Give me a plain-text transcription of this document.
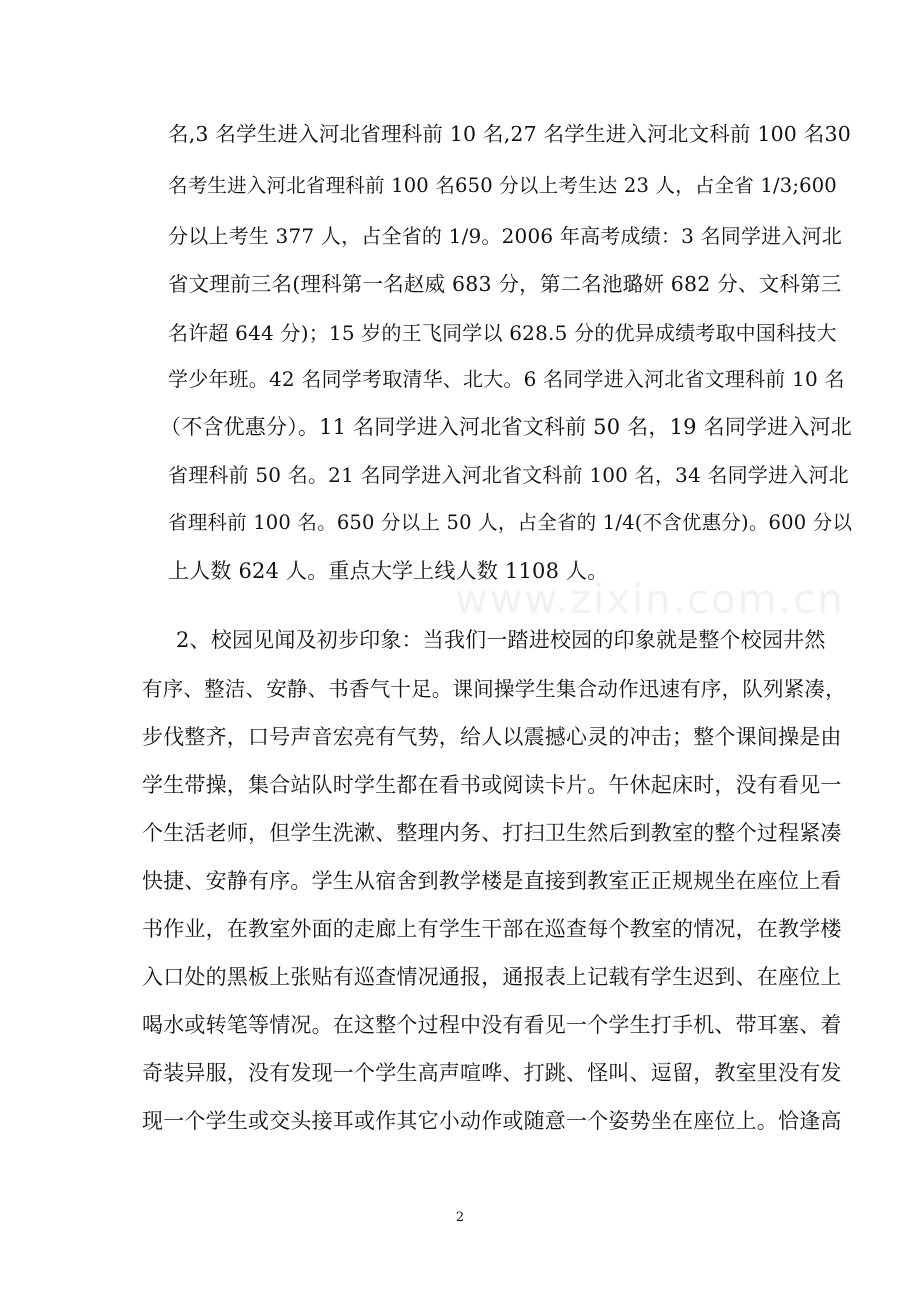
www.zixin.com.cn
名,3 名学生进入河北省理科前 10 名,27 名学生进入河北文科前 100 名30
名考生进入河北省理科前 100 名650 分以上考生达 23 人，占全省 1/3;600
分以上考生 377 人，占全省的 1/9。2006 年高考成绩：3 名同学进入河北
省文理前三名(理科第一名赵威 683 分，第二名池璐妍 682 分、文科第三
名许超 644 分)；15 岁的王飞同学以 628.5 分的优异成绩考取中国科技大
学少年班。42 名同学考取清华、北大。6 名同学进入河北省文理科前 10 名
（不含优惠分）。11 名同学进入河北省文科前 50 名，19 名同学进入河北
省理科前 50 名。21 名同学进入河北省文科前 100 名，34 名同学进入河北
省理科前 100 名。650 分以上 50 人，占全省的 1/4(不含优惠分)。600 分以
上人数 624 人。重点大学上线人数 1108 人。
2、校园见闻及初步印象：当我们一踏进校园的印象就是整个校园井然
有序、整洁、安静、书香气十足。课间操学生集合动作迅速有序，队列紧凑，
步伐整齐，口号声音宏亮有气势，给人以震撼心灵的冲击；整个课间操是由
学生带操，集合站队时学生都在看书或阅读卡片。午休起床时，没有看见一
个生活老师，但学生洗漱、整理内务、打扫卫生然后到教室的整个过程紧凑
快捷、安静有序。学生从宿舍到教学楼是直接到教室正正规规坐在座位上看
书作业，在教室外面的走廊上有学生干部在巡查每个教室的情况，在教学楼
入口处的黑板上张贴有巡查情况通报，通报表上记载有学生迟到、在座位上
喝水或转笔等情况。在这整个过程中没有看见一个学生打手机、带耳塞、着
奇装异服，没有发现一个学生高声喧哗、打跳、怪叫、逗留，教室里没有发
现一个学生或交头接耳或作其它小动作或随意一个姿势坐在座位上。恰逢高
2
